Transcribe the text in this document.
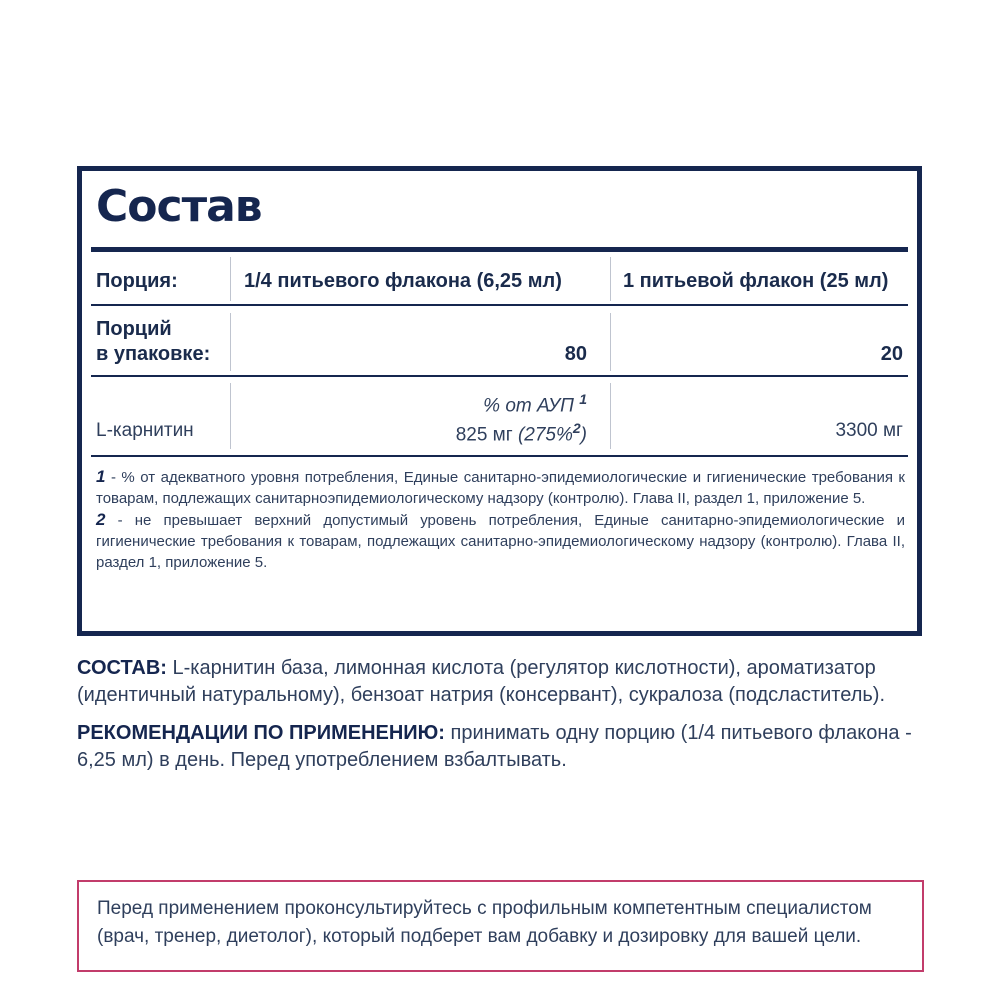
Состав
Порция:	1/4 питьевого флакона (6,25 мл)	1 питьевой флакон (25 мл)
Порций
в упаковке:	80	20
% от АУП $^1$
L-карнитин	825 мг (275%$^2$)	3300 мг

1 - % от адекватного уровня потребления, Единые санитарно-эпидемиологические и гигиенические требования к товарам, подлежащих санитарноэпидемиологическому надзору (контролю). Глава II, раздел 1, приложение 5.

2 - не превышает верхний допустимый уровень потребления, Единые санитарно-эпидемиологические и гигиенические требования к товарам, подлежащих санитарно-эпидемиологическому надзору (контролю). Глава II, раздел 1, приложение 5.

СОСТАВ: L-карнитин база, лимонная кислота (регулятор кислотности), ароматизатор (идентичный натуральному), бензоат натрия (консервант), сукралоза (подсластитель).
РЕКОМЕНДАЦИИ ПО ПРИМЕНЕНИЮ: принимать одну порцию (1/4 питьевого флакона - 6,25 мл) в день. Перед употреблением взбалтывать.
Перед применением проконсультируйтесь с профильным компетентным специалистом (врач, тренер, диетолог), который подберет вам добавку и дозировку для вашей цели.
